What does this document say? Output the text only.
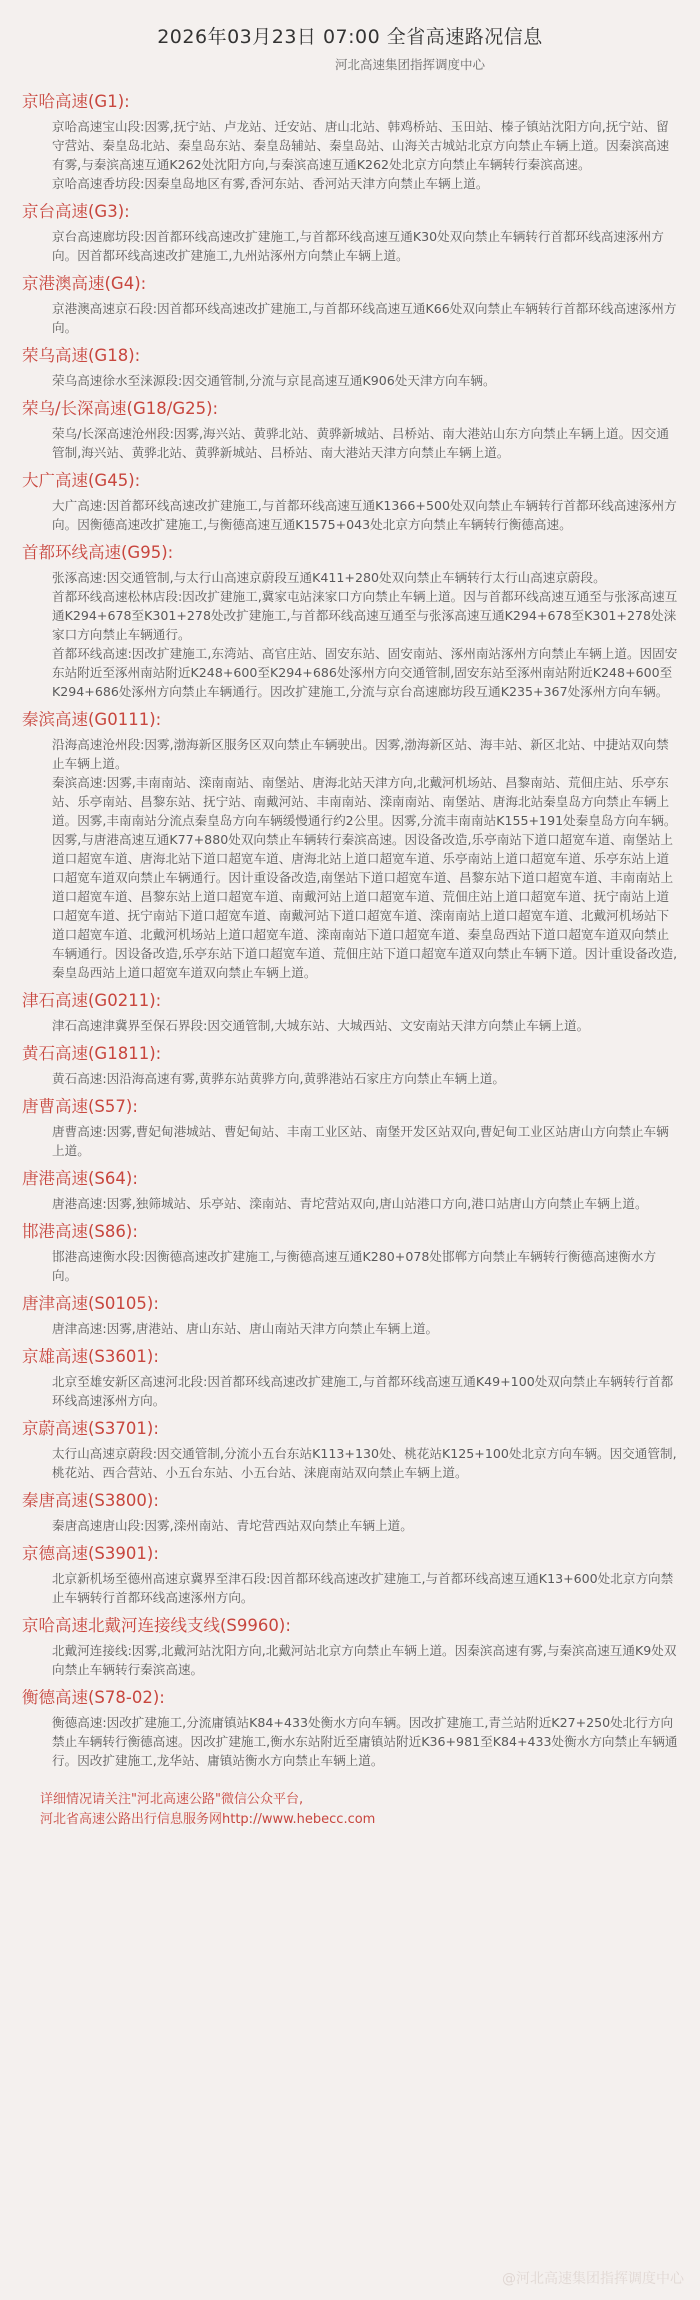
2026年03月23日 07:00 全省高速路况信息
河北高速集团指挥调度中心
京哈高速(G1):

京哈高速宝山段:因雾,抚宁站、卢龙站、迁安站、唐山北站、韩鸡桥站、玉田站、榛子镇站沈阳方向,抚宁站、留守营站、秦皇岛北站、秦皇岛东站、秦皇岛辅站、秦皇岛站、山海关古城站北京方向禁止车辆上道。因秦滨高速有雾,与秦滨高速互通K262处沈阳方向,与秦滨高速互通K262处北京方向禁止车辆转行秦滨高速。

京哈高速香坊段:因秦皇岛地区有雾,香河东站、香河站天津方向禁止车辆上道。

京台高速(G3):

京台高速廊坊段:因首都环线高速改扩建施工,与首都环线高速互通K30处双向禁止车辆转行首都环线高速涿州方向。因首都环线高速改扩建施工,九州站涿州方向禁止车辆上道。

京港澳高速(G4):

京港澳高速京石段:因首都环线高速改扩建施工,与首都环线高速互通K66处双向禁止车辆转行首都环线高速涿州方向。

荣乌高速(G18):

荣乌高速徐水至涞源段:因交通管制,分流与京昆高速互通K906处天津方向车辆。

荣乌/长深高速(G18/G25):

荣乌/长深高速沧州段:因雾,海兴站、黄骅北站、黄骅新城站、吕桥站、南大港站山东方向禁止车辆上道。因交通管制,海兴站、黄骅北站、黄骅新城站、吕桥站、南大港站天津方向禁止车辆上道。

大广高速(G45):

大广高速:因首都环线高速改扩建施工,与首都环线高速互通K1366+500处双向禁止车辆转行首都环线高速涿州方向。因衡德高速改扩建施工,与衡德高速互通K1575+043处北京方向禁止车辆转行衡德高速。

首都环线高速(G95):

张涿高速:因交通管制,与太行山高速京蔚段互通K411+280处双向禁止车辆转行太行山高速京蔚段。

首都环线高速松林店段:因改扩建施工,冀家屯站涞家口方向禁止车辆上道。因与首都环线高速互通至与张涿高速互通K294+678至K301+278处改扩建施工,与首都环线高速互通至与张涿高速互通K294+678至K301+278处涞家口方向禁止车辆通行。

首都环线高速:因改扩建施工,东湾站、高官庄站、固安东站、固安南站、涿州南站涿州方向禁止车辆上道。因固安东站附近至涿州南站附近K248+600至K294+686处涿州方向交通管制,固安东站至涿州南站附近K248+600至K294+686处涿州方向禁止车辆通行。因改扩建施工,分流与京台高速廊坊段互通K235+367处涿州方向车辆。

秦滨高速(G0111):

沿海高速沧州段:因雾,渤海新区服务区双向禁止车辆驶出。因雾,渤海新区站、海丰站、新区北站、中捷站双向禁止车辆上道。

秦滨高速:因雾,丰南南站、滦南南站、南堡站、唐海北站天津方向,北戴河机场站、昌黎南站、荒佃庄站、乐亭东站、乐亭南站、昌黎东站、抚宁站、南戴河站、丰南南站、滦南南站、南堡站、唐海北站秦皇岛方向禁止车辆上道。因雾,丰南南站分流点秦皇岛方向车辆缓慢通行约2公里。因雾,分流丰南南站K155+191处秦皇岛方向车辆。因雾,与唐港高速互通K77+880处双向禁止车辆转行秦滨高速。因设备改造,乐亭南站下道口超宽车道、南堡站上道口超宽车道、唐海北站下道口超宽车道、唐海北站上道口超宽车道、乐亭南站上道口超宽车道、乐亭东站上道口超宽车道双向禁止车辆通行。因计重设备改造,南堡站下道口超宽车道、昌黎东站下道口超宽车道、丰南南站上道口超宽车道、昌黎东站上道口超宽车道、南戴河站上道口超宽车道、荒佃庄站上道口超宽车道、抚宁南站上道口超宽车道、抚宁南站下道口超宽车道、南戴河站下道口超宽车道、滦南南站上道口超宽车道、北戴河机场站下道口超宽车道、北戴河机场站上道口超宽车道、滦南南站下道口超宽车道、秦皇岛西站下道口超宽车道双向禁止车辆通行。因设备改造,乐亭东站下道口超宽车道、荒佃庄站下道口超宽车道双向禁止车辆下道。因计重设备改造,秦皇岛西站上道口超宽车道双向禁止车辆上道。

津石高速(G0211):

津石高速津冀界至保石界段:因交通管制,大城东站、大城西站、文安南站天津方向禁止车辆上道。

黄石高速(G1811):

黄石高速:因沿海高速有雾,黄骅东站黄骅方向,黄骅港站石家庄方向禁止车辆上道。

唐曹高速(S57):

唐曹高速:因雾,曹妃甸港城站、曹妃甸站、丰南工业区站、南堡开发区站双向,曹妃甸工业区站唐山方向禁止车辆上道。

唐港高速(S64):

唐港高速:因雾,独筛城站、乐亭站、滦南站、青坨营站双向,唐山站港口方向,港口站唐山方向禁止车辆上道。

邯港高速(S86):

邯港高速衡水段:因衡德高速改扩建施工,与衡德高速互通K280+078处邯郸方向禁止车辆转行衡德高速衡水方向。

唐津高速(S0105):

唐津高速:因雾,唐港站、唐山东站、唐山南站天津方向禁止车辆上道。

京雄高速(S3601):

北京至雄安新区高速河北段:因首都环线高速改扩建施工,与首都环线高速互通K49+100处双向禁止车辆转行首都环线高速涿州方向。

京蔚高速(S3701):

太行山高速京蔚段:因交通管制,分流小五台东站K113+130处、桃花站K125+100处北京方向车辆。因交通管制,桃花站、西合营站、小五台东站、小五台站、涞鹿南站双向禁止车辆上道。

秦唐高速(S3800):

秦唐高速唐山段:因雾,滦州南站、青坨营西站双向禁止车辆上道。

京德高速(S3901):

北京新机场至德州高速京冀界至津石段:因首都环线高速改扩建施工,与首都环线高速互通K13+600处北京方向禁止车辆转行首都环线高速涿州方向。

京哈高速北戴河连接线支线(S9960):

北戴河连接线:因雾,北戴河站沈阳方向,北戴河站北京方向禁止车辆上道。因秦滨高速有雾,与秦滨高速互通K9处双向禁止车辆转行秦滨高速。

衡德高速(S78-02):

衡德高速:因改扩建施工,分流庸镇站K84+433处衡水方向车辆。因改扩建施工,青兰站附近K27+250处北行方向禁止车辆转行衡德高速。因改扩建施工,衡水东站附近至庸镇站附近K36+981至K84+433处衡水方向禁止车辆通行。因改扩建施工,龙华站、庸镇站衡水方向禁止车辆上道。

详细情况请关注"河北高速公路"微信公众平台,
河北省高速公路出行信息服务网http://www.hebecc.com
@河北高速集团指挥调度中心
